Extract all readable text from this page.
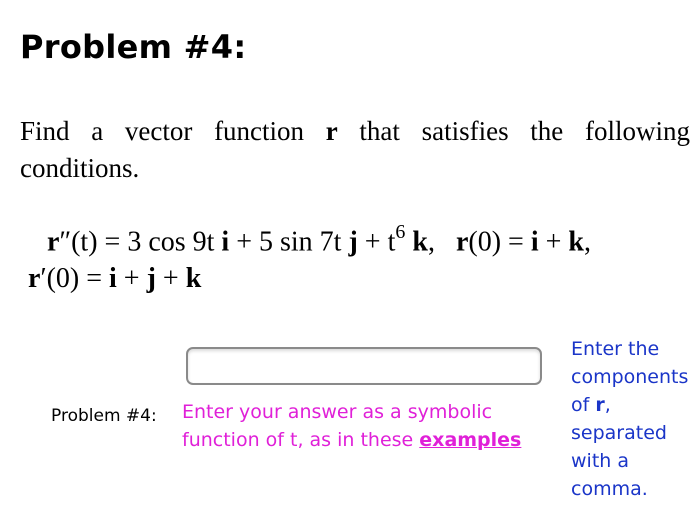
Problem #4:
Find a vector function r that satisfies the following conditions.
r″(t) = 3 cos 9t i + 5 sin 7t $j + t^6$ k,   r(0) = i + k,
r′(0) = i + j + k
Problem #4: Enter your answer as a symbolic function of t, as in these examples
Enter the components of r, separated with a comma.
